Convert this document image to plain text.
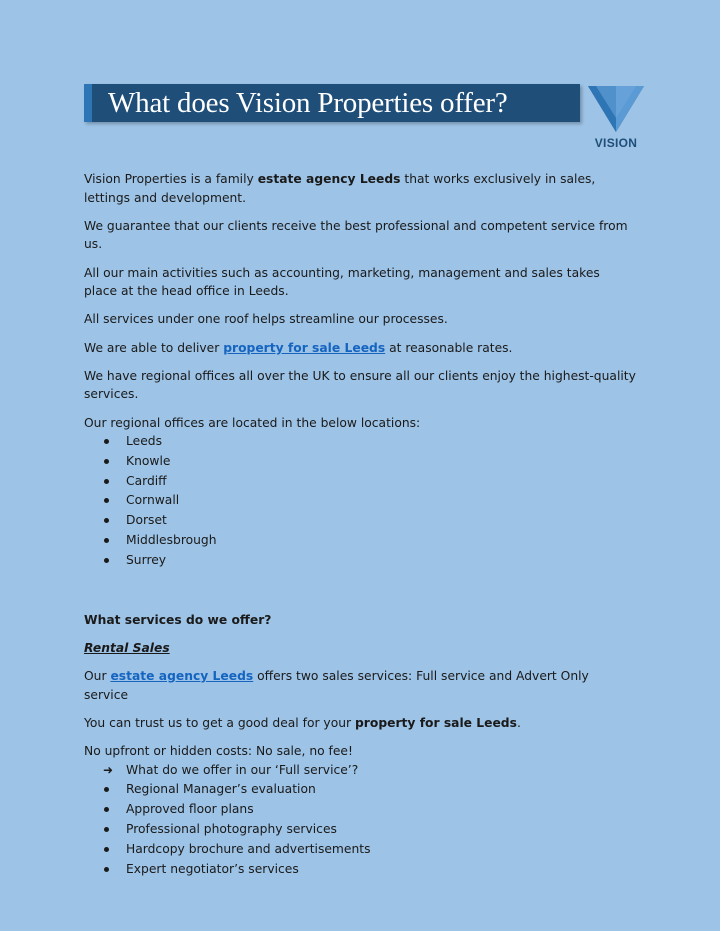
What does Vision Properties offer?
VISION

Vision Properties is a family estate agency Leeds that works exclusively in sales, lettings and development.

We guarantee that our clients receive the best professional and competent service from us.

All our main activities such as accounting, marketing, management and sales takes place at the head office in Leeds.

All services under one roof helps streamline our processes.

We are able to deliver property for sale Leeds at reasonable rates.

We have regional offices all over the UK to ensure all our clients enjoy the highest-quality services.

Our regional offices are located in the below locations:

Leeds
Knowle
Cardiff
Cornwall
Dorset
Middlesbrough
Surrey

What services do we offer?

Rental Sales

Our estate agency Leeds offers two sales services: Full service and Advert Only service

You can trust us to get a good deal for your property for sale Leeds.

No upfront or hidden costs: No sale, no fee!

➜ What do we offer in our ‘Full service’?
Regional Manager’s evaluation
Approved floor plans
Professional photography services
Hardcopy brochure and advertisements
Expert negotiator’s services
